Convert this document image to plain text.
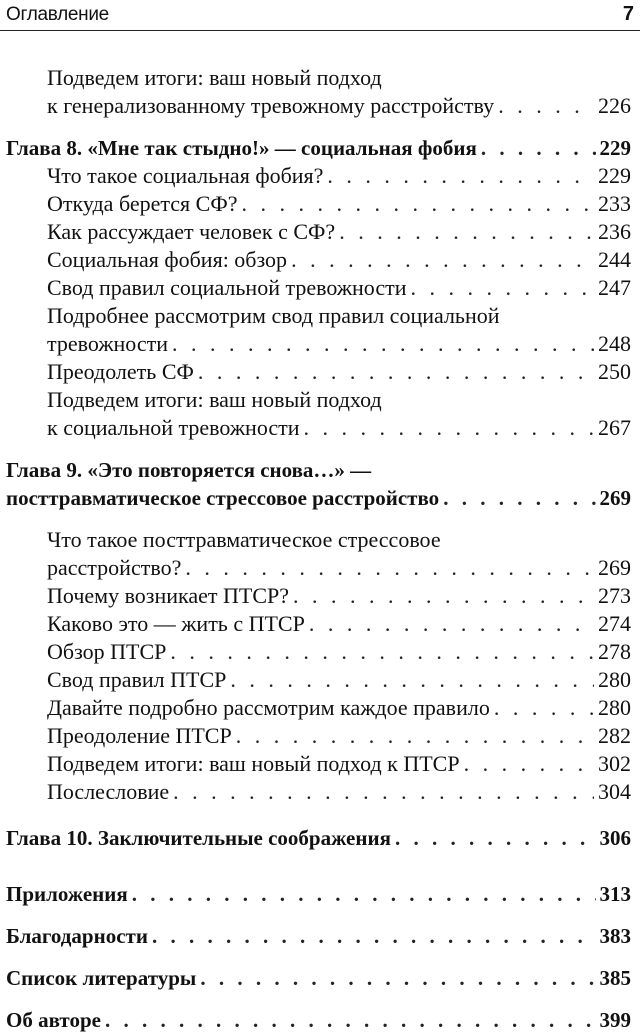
Оглавление	7
Подведем итоги: ваш новый подход
к генерализованному тревожному расстройству . . .	226
Глава 8. «Мне так стыдно!» — социальная фобия . . .	229
Что такое социальная фобия? . . .	229
Откуда берется СФ? . . .	233
Как рассуждает человек с СФ? . . .	236
Социальная фобия: обзор . . .	244
Свод правил социальной тревожности . . .	247
Подробнее рассмотрим свод правил социальной
тревожности . . .	248
Преодолеть СФ . . .	250
Подведем итоги: ваш новый подход
к социальной тревожности . . .	267
Глава 9. «Это повторяется снова…» —
посттравматическое стрессовое расстройство . . .	269
Что такое посттравматическое стрессовое
расстройство? . . .	269
Почему возникает ПТСР? . . .	273
Каково это — жить с ПТСР . . .	274
Обзор ПТСР . . .	278
Свод правил ПТСР . . .	280
Давайте подробно рассмотрим каждое правило . . .	280
Преодоление ПТСР . . .	282
Подведем итоги: ваш новый подход к ПТСР . . .	302
Послесловие . . .	304
Глава 10. Заключительные соображения . . .	306
Приложения . . .	313
Благодарности . . .	383
Список литературы . . .	385
Об авторе . . .	399
